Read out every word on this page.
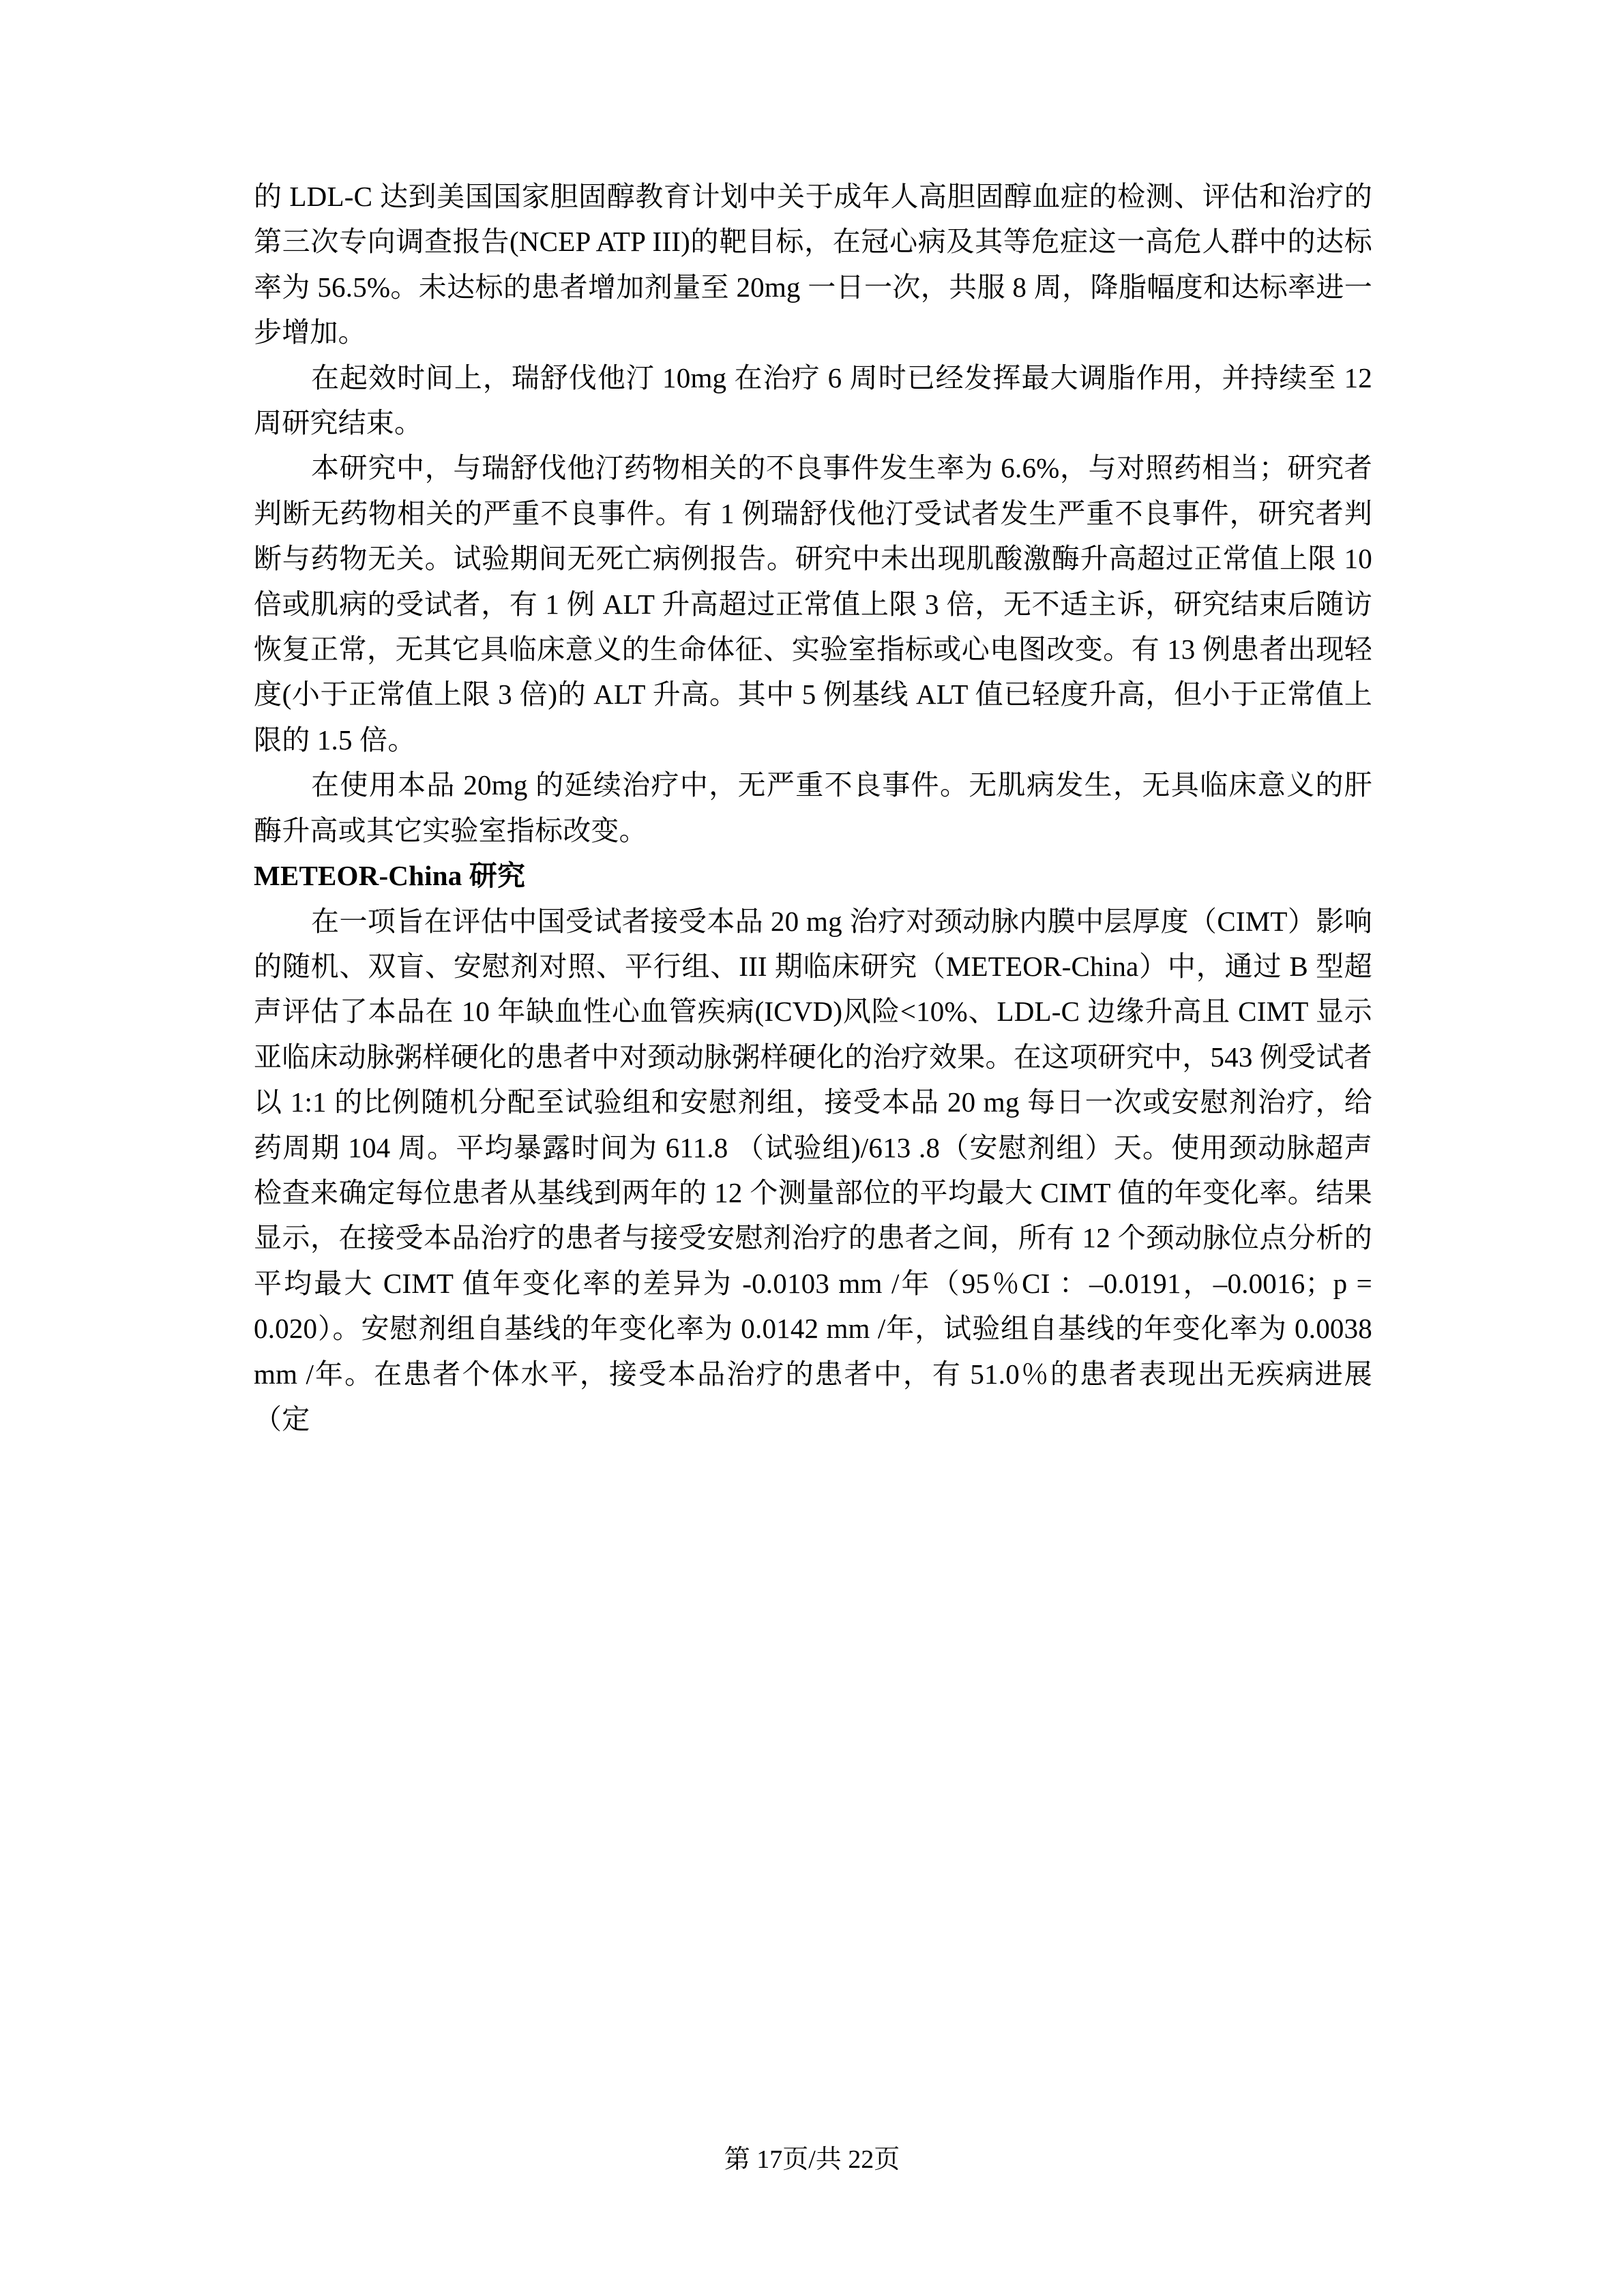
的 LDL-C 达到美国国家胆固醇教育计划中关于成年人高胆固醇血症的检测、评估和治疗的第三次专向调查报告(NCEP ATP III)的靶目标，在冠心病及其等危症这一高危人群中的达标率为 56.5%。未达标的患者增加剂量至 20mg 一日一次，共服 8 周，降脂幅度和达标率进一步增加。

在起效时间上，瑞舒伐他汀 10mg 在治疗 6 周时已经发挥最大调脂作用，并持续至 12 周研究结束。

本研究中，与瑞舒伐他汀药物相关的不良事件发生率为 6.6%，与对照药相当；研究者判断无药物相关的严重不良事件。有 1 例瑞舒伐他汀受试者发生严重不良事件，研究者判断与药物无关。试验期间无死亡病例报告。研究中未出现肌酸激酶升高超过正常值上限 10 倍或肌病的受试者，有 1 例 ALT 升高超过正常值上限 3 倍，无不适主诉，研究结束后随访恢复正常，无其它具临床意义的生命体征、实验室指标或心电图改变。有 13 例患者出现轻度(小于正常值上限 3 倍)的 ALT 升高。其中 5 例基线 ALT 值已轻度升高，但小于正常值上限的 1.5 倍。

在使用本品 20mg 的延续治疗中，无严重不良事件。无肌病发生，无具临床意义的肝酶升高或其它实验室指标改变。

METEOR-China 研究

在一项旨在评估中国受试者接受本品 20 mg 治疗对颈动脉内膜中层厚度（CIMT）影响的随机、双盲、安慰剂对照、平行组、III 期临床研究（METEOR-China）中，通过 B 型超声评估了本品在 10 年缺血性心血管疾病(ICVD)风险<10%、LDL-C 边缘升高且 CIMT 显示亚临床动脉粥样硬化的患者中对颈动脉粥样硬化的治疗效果。在这项研究中，543 例受试者以 1:1 的比例随机分配至试验组和安慰剂组，接受本品 20 mg 每日一次或安慰剂治疗，给药周期 104 周。平均暴露时间为 611.8 （试验组)/613 .8（安慰剂组）天。使用颈动脉超声检查来确定每位患者从基线到两年的 12 个测量部位的平均最大 CIMT 值的年变化率。结果显示，在接受本品治疗的患者与接受安慰剂治疗的患者之间，所有 12 个颈动脉位点分析的平均最大 CIMT 值年变化率的差异为 -0.0103 mm /年（95％CI ：–0.0191，–0.0016；p = 0.020）。安慰剂组自基线的年变化率为 0.0142 mm /年，试验组自基线的年变化率为 0.0038 mm /年。在患者个体水平，接受本品治疗的患者中，有 51.0％的患者表现出无疾病进展（定

第 17页/共 22页
